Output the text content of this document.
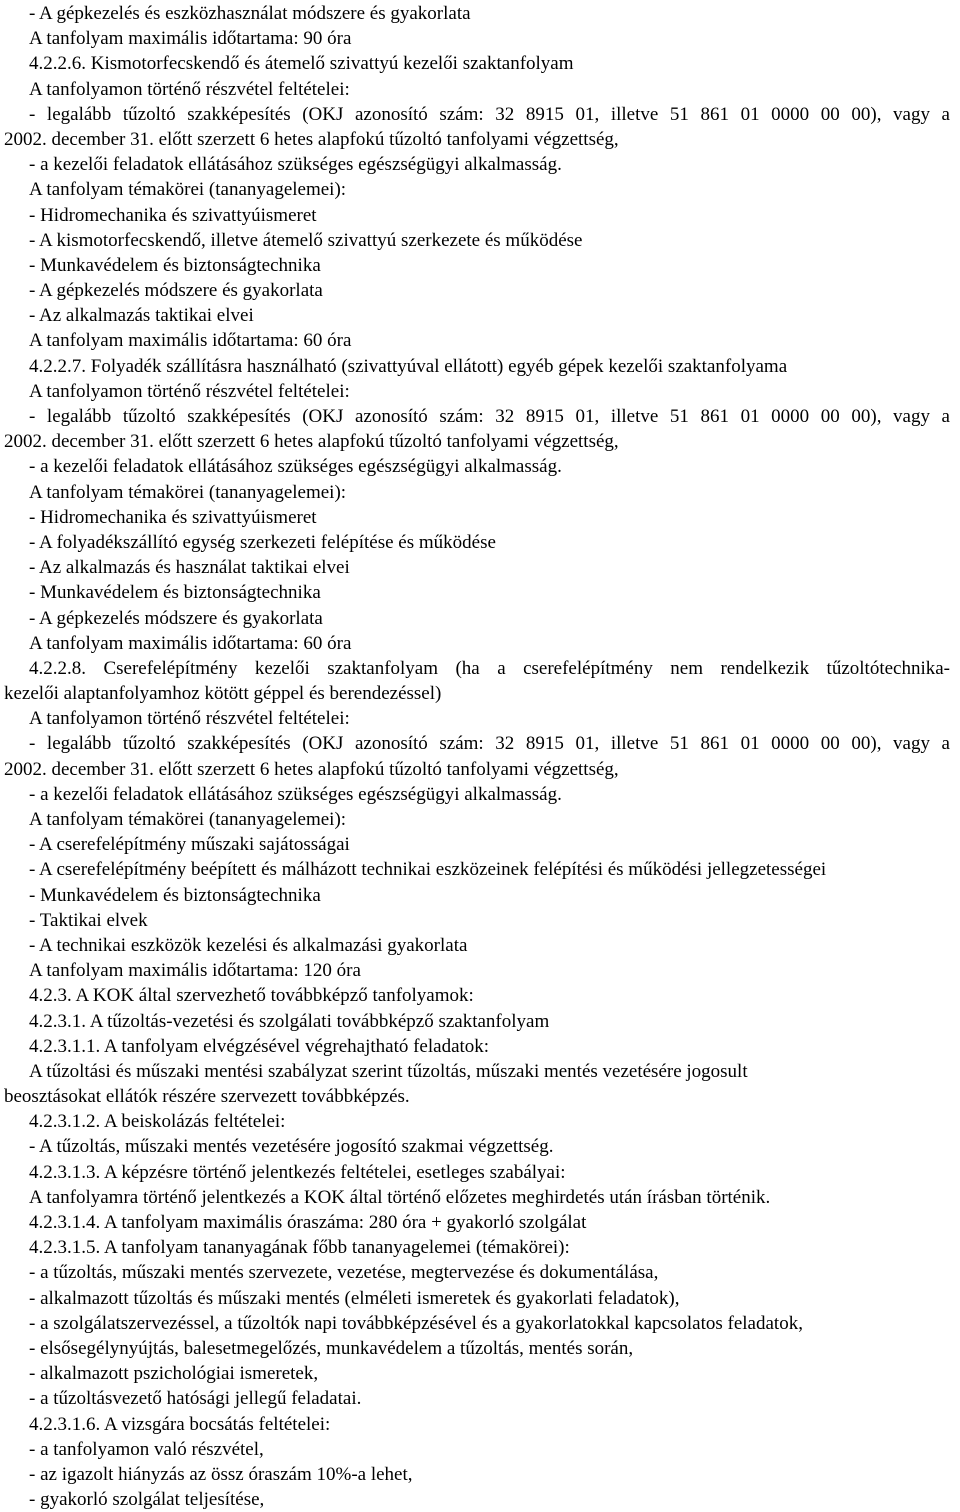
- A gépkezelés és eszközhasználat módszere és gyakorlata
A tanfolyam maximális időtartama: 90 óra
4.2.2.6. Kismotorfecskendő és átemelő szivattyú kezelői szaktanfolyam
A tanfolyamon történő részvétel feltételei:
- legalább tűzoltó szakképesítés (OKJ azonosító szám: 32 8915 01, illetve 51 861 01 0000 00 00), vagy a
2002. december 31. előtt szerzett 6 hetes alapfokú tűzoltó tanfolyami végzettség,
- a kezelői feladatok ellátásához szükséges egészségügyi alkalmasság.
A tanfolyam témakörei (tananyagelemei):
- Hidromechanika és szivattyúismeret
- A kismotorfecskendő, illetve átemelő szivattyú szerkezete és működése
- Munkavédelem és biztonságtechnika
- A gépkezelés módszere és gyakorlata
- Az alkalmazás taktikai elvei
A tanfolyam maximális időtartama: 60 óra
4.2.2.7. Folyadék szállításra használható (szivattyúval ellátott) egyéb gépek kezelői szaktanfolyama
A tanfolyamon történő részvétel feltételei:
- legalább tűzoltó szakképesítés (OKJ azonosító szám: 32 8915 01, illetve 51 861 01 0000 00 00), vagy a
2002. december 31. előtt szerzett 6 hetes alapfokú tűzoltó tanfolyami végzettség,
- a kezelői feladatok ellátásához szükséges egészségügyi alkalmasság.
A tanfolyam témakörei (tananyagelemei):
- Hidromechanika és szivattyúismeret
- A folyadékszállító egység szerkezeti felépítése és működése
- Az alkalmazás és használat taktikai elvei
- Munkavédelem és biztonságtechnika
- A gépkezelés módszere és gyakorlata
A tanfolyam maximális időtartama: 60 óra
4.2.2.8. Cserefelépítmény kezelői szaktanfolyam (ha a cserefelépítmény nem rendelkezik tűzoltótechnika-
kezelői alaptanfolyamhoz kötött géppel és berendezéssel)
A tanfolyamon történő részvétel feltételei:
- legalább tűzoltó szakképesítés (OKJ azonosító szám: 32 8915 01, illetve 51 861 01 0000 00 00), vagy a
2002. december 31. előtt szerzett 6 hetes alapfokú tűzoltó tanfolyami végzettség,
- a kezelői feladatok ellátásához szükséges egészségügyi alkalmasság.
A tanfolyam témakörei (tananyagelemei):
- A cserefelépítmény műszaki sajátosságai
- A cserefelépítmény beépített és málházott technikai eszközeinek felépítési és működési jellegzetességei
- Munkavédelem és biztonságtechnika
- Taktikai elvek
- A technikai eszközök kezelési és alkalmazási gyakorlata
A tanfolyam maximális időtartama: 120 óra
4.2.3. A KOK által szervezhető továbbképző tanfolyamok:
4.2.3.1. A tűzoltás-vezetési és szolgálati továbbképző szaktanfolyam
4.2.3.1.1. A tanfolyam elvégzésével végrehajtható feladatok:
A tűzoltási és műszaki mentési szabályzat szerint tűzoltás, műszaki mentés vezetésére jogosult
beosztásokat ellátók részére szervezett továbbképzés.
4.2.3.1.2. A beiskolázás feltételei:
- A tűzoltás, műszaki mentés vezetésére jogosító szakmai végzettség.
4.2.3.1.3. A képzésre történő jelentkezés feltételei, esetleges szabályai:
A tanfolyamra történő jelentkezés a KOK által történő előzetes meghirdetés után írásban történik.
4.2.3.1.4. A tanfolyam maximális óraszáma: 280 óra + gyakorló szolgálat
4.2.3.1.5. A tanfolyam tananyagának főbb tananyagelemei (témakörei):
- a tűzoltás, műszaki mentés szervezete, vezetése, megtervezése és dokumentálása,
- alkalmazott tűzoltás és műszaki mentés (elméleti ismeretek és gyakorlati feladatok),
- a szolgálatszervezéssel, a tűzoltók napi továbbképzésével és a gyakorlatokkal kapcsolatos feladatok,
- elsősegélynyújtás, balesetmegelőzés, munkavédelem a tűzoltás, mentés során,
- alkalmazott pszichológiai ismeretek,
- a tűzoltásvezető hatósági jellegű feladatai.
4.2.3.1.6. A vizsgára bocsátás feltételei:
- a tanfolyamon való részvétel,
- az igazolt hiányzás az össz óraszám 10%-a lehet,
- gyakorló szolgálat teljesítése,
